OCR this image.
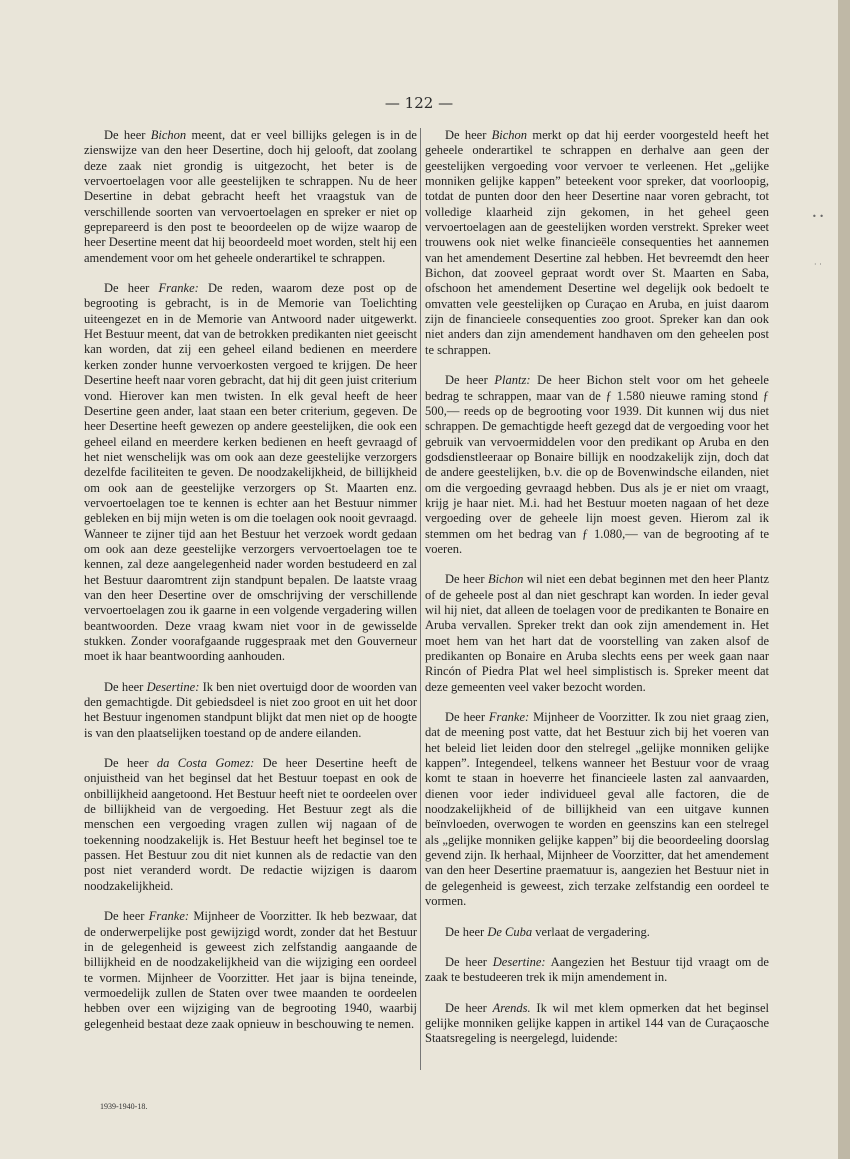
— 122 —

De heer Bichon meent, dat er veel billijks gelegen is in de zienswijze van den heer Desertine, doch hij gelooft, dat zoolang deze zaak niet grondig is uitgezocht, het beter is de vervoertoelagen voor alle geestelijken te schrappen. Nu de heer Desertine in debat gebracht heeft het vraagstuk van de verschillende soorten van vervoertoelagen en spreker er niet op geprepareerd is den post te beoordeelen op de wijze waarop de heer Desertine meent dat hij beoordeeld moet worden, stelt hij een amendement voor om het geheele onderartikel te schrappen.

De heer Franke: De reden, waarom deze post op de begrooting is gebracht, is in de Memorie van Toelichting uiteengezet en in de Memorie van Antwoord nader uitgewerkt. Het Bestuur meent, dat van de betrokken predikanten niet geeischt kan worden, dat zij een geheel eiland bedienen en meerdere kerken zonder hunne vervoerkosten vergoed te krijgen. De heer Desertine heeft naar voren gebracht, dat hij dit geen juist criterium vond. Hierover kan men twisten. In elk geval heeft de heer Desertine geen ander, laat staan een beter criterium, gegeven. De heer Desertine heeft gewezen op andere geestelijken, die ook een geheel eiland en meerdere kerken bedienen en heeft gevraagd of het niet wenschelijk was om ook aan deze geestelijke verzorgers dezelfde faciliteiten te geven. De noodzakelijkheid, de billijkheid om ook aan de geestelijke verzorgers op St. Maarten enz. vervoertoelagen toe te kennen is echter aan het Bestuur nimmer gebleken en bij mijn weten is om die toelagen ook nooit gevraagd. Wanneer te zijner tijd aan het Bestuur het verzoek wordt gedaan om ook aan deze geestelijke verzorgers vervoertoelagen toe te kennen, zal deze aangelegenheid nader worden bestudeerd en zal het Bestuur daaromtrent zijn standpunt bepalen. De laatste vraag van den heer Desertine over de omschrijving der verschillende vervoertoelagen zou ik gaarne in een volgende vergadering willen beantwoorden. Deze vraag kwam niet voor in de gewisselde stukken. Zonder voorafgaande ruggespraak met den Gouverneur moet ik haar beantwoording aanhouden.

De heer Desertine: Ik ben niet overtuigd door de woorden van den gemachtigde. Dit gebiedsdeel is niet zoo groot en uit het door het Bestuur ingenomen standpunt blijkt dat men niet op de hoogte is van den plaatselijken toestand op de andere eilanden.

De heer da Costa Gomez: De heer Desertine heeft de onjuistheid van het beginsel dat het Bestuur toepast en ook de onbillijkheid aangetoond. Het Bestuur heeft niet te oordeelen over de billijkheid van de vergoeding. Het Bestuur zegt als die menschen een vergoeding vragen zullen wij nagaan of de toekenning noodzakelijk is. Het Bestuur heeft het beginsel toe te passen. Het Bestuur zou dit niet kunnen als de redactie van den post niet veranderd wordt. De redactie wijzigen is daarom noodzakelijkheid.

De heer Franke: Mijnheer de Voorzitter. Ik heb bezwaar, dat de onderwerpelijke post gewijzigd wordt, zonder dat het Bestuur in de gelegenheid is geweest zich zelfstandig aangaande de billijkheid en de noodzakelijkheid van die wijziging een oordeel te vormen. Mijnheer de Voorzitter. Het jaar is bijna teneinde, vermoedelijk zullen de Staten over twee maanden te oordeelen hebben over een wijziging van de begrooting 1940, waarbij gelegenheid bestaat deze zaak opnieuw in beschouwing te nemen.

De heer Bichon merkt op dat hij eerder voorgesteld heeft het geheele onderartikel te schrappen en derhalve aan geen der geestelijken vergoeding voor vervoer te verleenen. Het „gelijke monniken gelijke kappen” beteekent voor spreker, dat voorloopig, totdat de punten door den heer Desertine naar voren gebracht, tot volledige klaarheid zijn gekomen, in het geheel geen vervoertoelagen aan de geestelijken worden verstrekt. Spreker weet trouwens ook niet welke financieële consequenties het aannemen van het amendement Desertine zal hebben. Het bevreemdt den heer Bichon, dat zooveel gepraat wordt over St. Maarten en Saba, ofschoon het amendement Desertine wel degelijk ook bedoelt te omvatten vele geestelijken op Curaçao en Aruba, en juist daarom zijn de financieele consequenties zoo groot. Spreker kan dan ook niet anders dan zijn amendement handhaven om den geheelen post te schrappen.

De heer Plantz: De heer Bichon stelt voor om het geheele bedrag te schrappen, maar van de ƒ 1.580 nieuwe raming stond ƒ 500,— reeds op de begrooting voor 1939. Dit kunnen wij dus niet schrappen. De gemachtigde heeft gezegd dat de vergoeding voor het gebruik van vervoermiddelen voor den predikant op Aruba en den godsdienstleeraar op Bonaire billijk en noodzakelijk zijn, doch dat de andere geestelijken, b.v. die op de Bovenwindsche eilanden, niet om die vergoeding gevraagd hebben. Dus als je er niet om vraagt, krijg je haar niet. M.i. had het Bestuur moeten nagaan of het deze vergoeding over de geheele lijn moest geven. Hierom zal ik stemmen om het bedrag van ƒ 1.080,— van de begrooting af te voeren.

De heer Bichon wil niet een debat beginnen met den heer Plantz of de geheele post al dan niet geschrapt kan worden. In ieder geval wil hij niet, dat alleen de toelagen voor de predikanten te Bonaire en Aruba vervallen. Spreker trekt dan ook zijn amendement in. Het moet hem van het hart dat de voorstelling van zaken alsof de predikanten op Bonaire en Aruba slechts eens per week gaan naar Rincón of Piedra Plat wel heel simplistisch is. Spreker meent dat deze gemeenten veel vaker bezocht worden.

De heer Franke: Mijnheer de Voorzitter. Ik zou niet graag zien, dat de meening post vatte, dat het Bestuur zich bij het voeren van het beleid liet leiden door den stelregel „gelijke monniken gelijke kappen”. Integendeel, telkens wanneer het Bestuur voor de vraag komt te staan in hoeverre het financieele lasten zal aanvaarden, dienen voor ieder individueel geval alle factoren, die de noodzakelijkheid of de billijkheid van een uitgave kunnen beïnvloeden, overwogen te worden en geenszins kan een stelregel als „gelijke monniken gelijke kappen” bij die beoordeeling doorslag gevend zijn. Ik herhaal, Mijnheer de Voorzitter, dat het amendement van den heer Desertine praematuur is, aangezien het Bestuur niet in de gelegenheid is geweest, zich terzake zelfstandig een oordeel te vormen.

De heer De Cuba verlaat de vergadering.

De heer Desertine: Aangezien het Bestuur tijd vraagt om de zaak te bestudeeren trek ik mijn amendement in.

De heer Arends. Ik wil met klem opmerken dat het beginsel gelijke monniken gelijke kappen in artikel 144 van de Curaçaosche Staatsregeling is neergelegd, luidende:

1939-1940-18.
• •
· ·
